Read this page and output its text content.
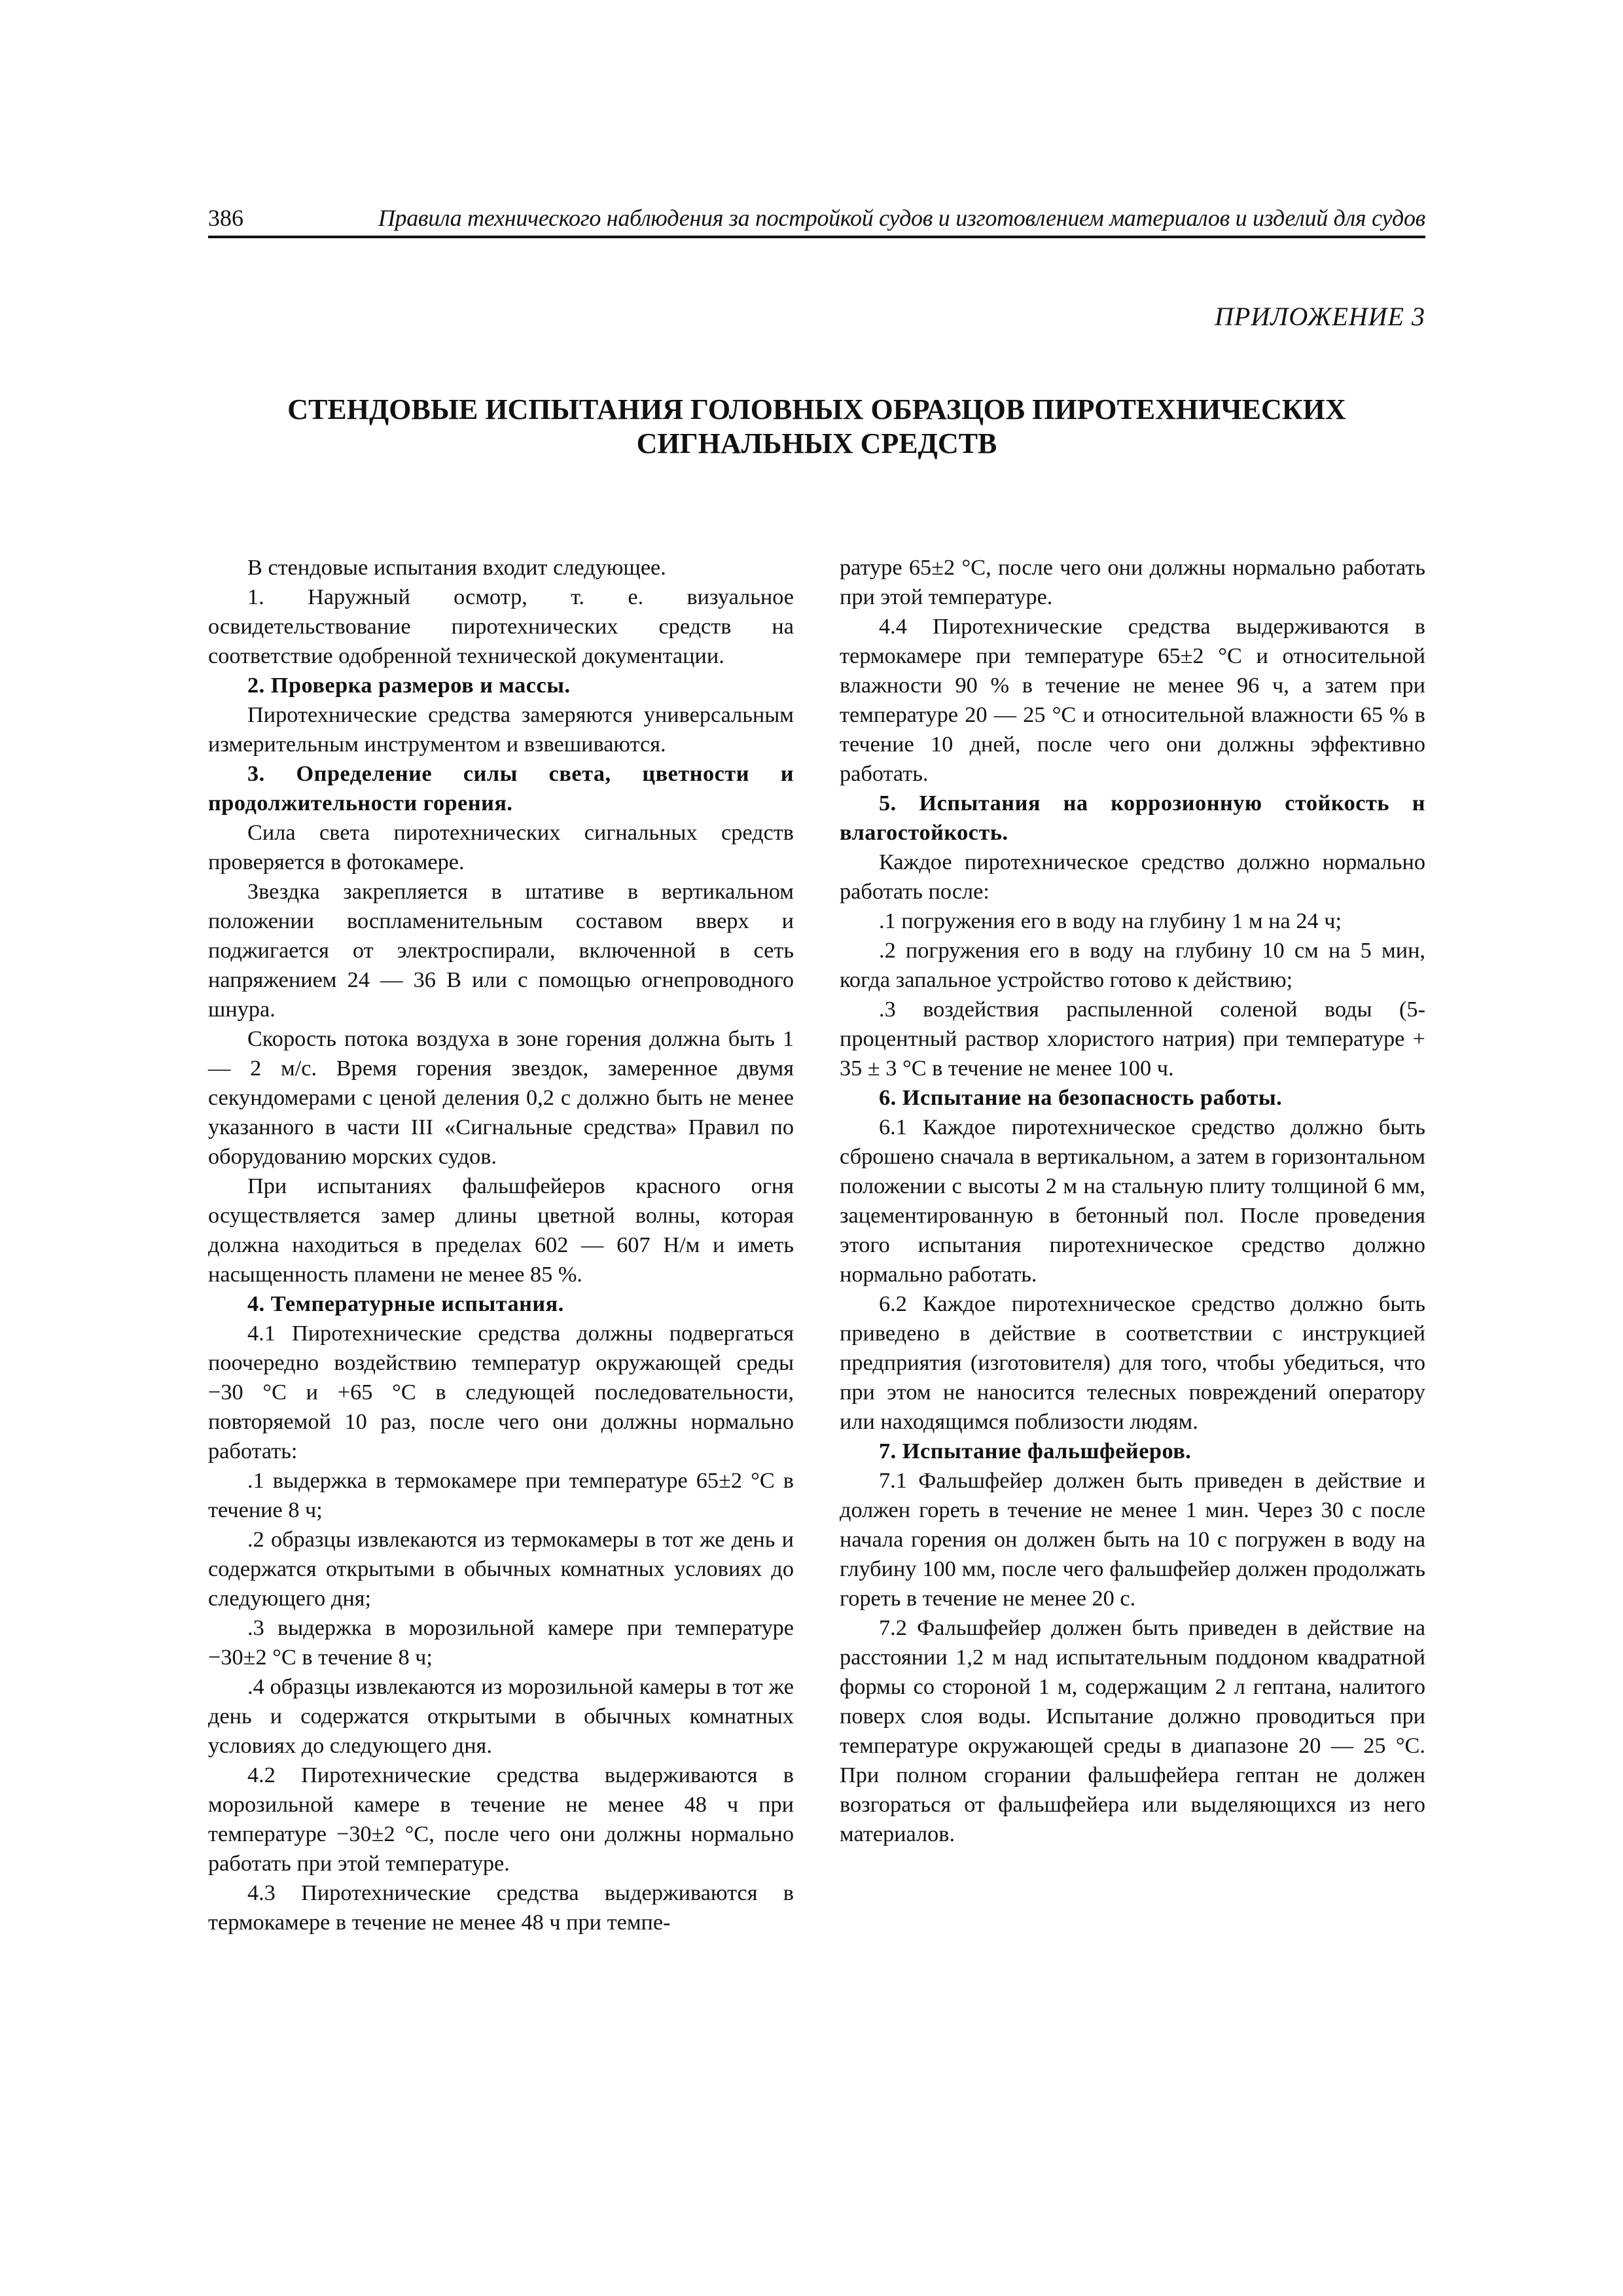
386	Правила технического наблюдения за постройкой судов и изготовлением материалов и изделий для судов
ПРИЛОЖЕНИЕ 3
СТЕНДОВЫЕ ИСПЫТАНИЯ ГОЛОВНЫХ ОБРАЗЦОВ ПИРОТЕХНИЧЕСКИХ
СИГНАЛЬНЫХ СРЕДСТВ

В стендовые испытания входит следующее.

1. Наружный осмотр, т. е. визуальное освидетельствование пиротехнических средств на соответствие одобренной технической документации.

2. Проверка размеров и массы.

Пиротехнические средства замеряются универсальным измерительным инструментом и взвешиваются.

3. Определение силы света, цветности и продолжительности горения.

Сила света пиротехнических сигнальных средств проверяется в фотокамере.

Звездка закрепляется в штативе в вертикальном положении воспламенительным составом вверх и поджигается от электроспирали, включенной в сеть напряжением 24 — 36 В или с помощью огнепроводного шнура.

Скорость потока воздуха в зоне горения должна быть 1 — 2 м/с. Время горения звездок, замеренное двумя секундомерами с ценой деления 0,2 с должно быть не менее указанного в части III «Сигнальные средства» Правил по оборудованию морских судов.

При испытаниях фальшфейеров красного огня осуществляется замер длины цветной волны, которая должна находиться в пределах 602 — 607 Н/м и иметь насыщенность пламени не менее 85 %.

4. Температурные испытания.

4.1 Пиротехнические средства должны подвергаться поочередно воздействию температур окружающей среды −30 °С и +65 °С в следующей последовательности, повторяемой 10 раз, после чего они должны нормально работать:

.1 выдержка в термокамере при температуре 65±2 °С в течение 8 ч;

.2 образцы извлекаются из термокамеры в тот же день и содержатся открытыми в обычных комнатных условиях до следующего дня;

.3 выдержка в морозильной камере при температуре −30±2 °С в течение 8 ч;

.4 образцы извлекаются из морозильной камеры в тот же день и содержатся открытыми в обычных комнатных условиях до следующего дня.

4.2 Пиротехнические средства выдерживаются в морозильной камере в течение не менее 48 ч при температуре −30±2 °С, после чего они должны нормально работать при этой температуре.

4.3 Пиротехнические средства выдерживаются в термокамере в течение не менее 48 ч при темпе-

ратуре 65±2 °С, после чего они должны нормально работать при этой температуре.

4.4 Пиротехнические средства выдерживаются в термокамере при температуре 65±2 °С и относительной влажности 90 % в течение не менее 96 ч, а затем при температуре 20 — 25 °С и относительной влажности 65 % в течение 10 дней, после чего они должны эффективно работать.

5. Испытания на коррозионную стойкость н влагостойкость.

Каждое пиротехническое средство должно нормально работать после:

.1 погружения его в воду на глубину 1 м на 24 ч;

.2 погружения его в воду на глубину 10 см на 5 мин, когда запальное устройство готово к действию;

.3 воздействия распыленной соленой воды (5-процентный раствор хлористого натрия) при температуре + 35 ± 3 °С в течение не менее 100 ч.

6. Испытание на безопасность работы.

6.1 Каждое пиротехническое средство должно быть сброшено сначала в вертикальном, а затем в горизонтальном положении с высоты 2 м на стальную плиту толщиной 6 мм, зацементированную в бетонный пол. После проведения этого испытания пиротехническое средство должно нормально работать.

6.2 Каждое пиротехническое средство должно быть приведено в действие в соответствии с инструкцией предприятия (изготовителя) для того, чтобы убедиться, что при этом не наносится телесных повреждений оператору или находящимся поблизости людям.

7. Испытание фальшфейеров.

7.1 Фальшфейер должен быть приведен в действие и должен гореть в течение не менее 1 мин. Через 30 с после начала горения он должен быть на 10 с погружен в воду на глубину 100 мм, после чего фальшфейер должен продолжать гореть в течение не менее 20 с.

7.2 Фальшфейер должен быть приведен в действие на расстоянии 1,2 м над испытательным поддоном квадратной формы со стороной 1 м, содержащим 2 л гептана, налитого поверх слоя воды. Испытание должно проводиться при температуре окружающей среды в диапазоне 20 — 25 °С. При полном сгорании фальшфейера гептан не должен возгораться от фальшфейера или выделяющихся из него материалов.
